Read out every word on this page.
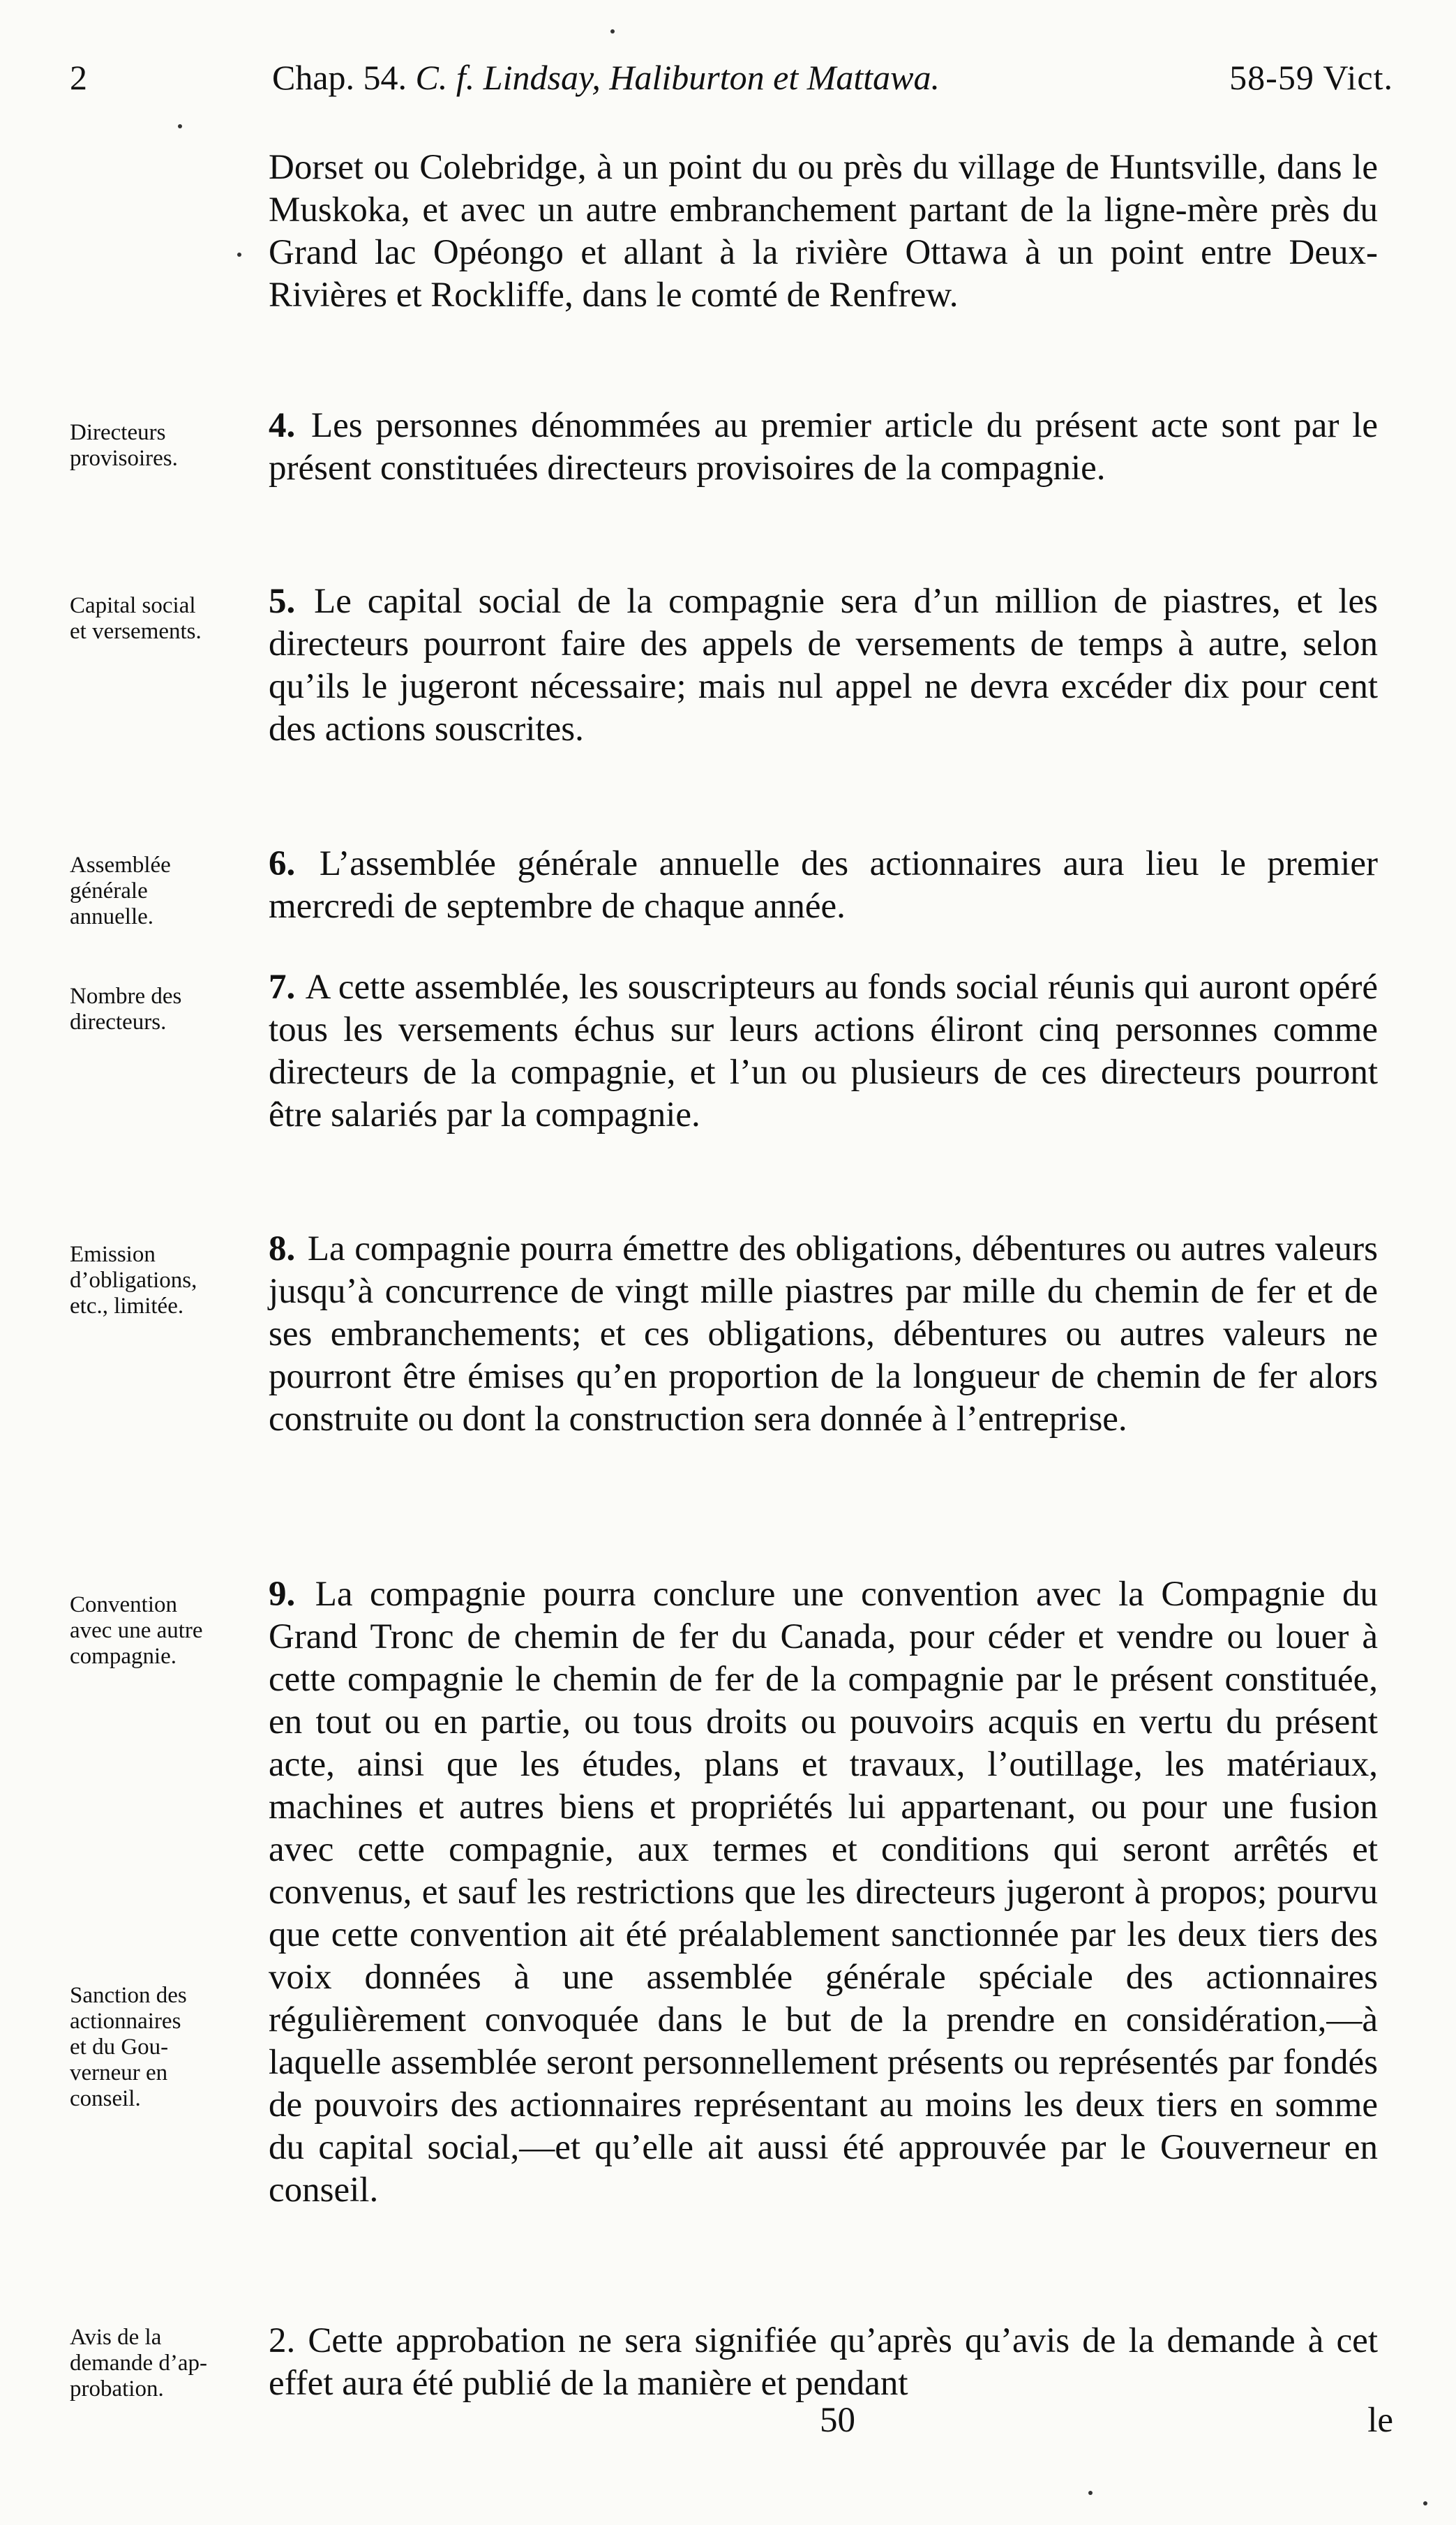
2	Chap. 54. C. f. Lindsay, Haliburton et Mattawa.	58-59 Vict.
Dorset ou Colebridge, à un point du ou près du village de Huntsville, dans le Muskoka, et avec un autre embranchement partant de la ligne-mère près du Grand lac Opéongo et allant à la rivière Ottawa à un point entre Deux-Rivières et Rockliffe, dans le comté de Renfrew.
4. Les personnes dénommées au premier article du présent acte sont par le présent constituées directeurs provisoires de la compagnie.
5. Le capital social de la compagnie sera d’un million de piastres, et les directeurs pourront faire des appels de versements de temps à autre, selon qu’ils le jugeront nécessaire; mais nul appel ne devra excéder dix pour cent des actions souscrites.
6. L’assemblée générale annuelle des actionnaires aura lieu le premier mercredi de septembre de chaque année.
7. A cette assemblée, les souscripteurs au fonds social réunis qui auront opéré tous les versements échus sur leurs actions éliront cinq personnes comme directeurs de la compagnie, et l’un ou plusieurs de ces directeurs pourront être salariés par la compagnie.
8. La compagnie pourra émettre des obligations, débentures ou autres valeurs jusqu’à concurrence de vingt mille piastres par mille du chemin de fer et de ses embranchements; et ces obligations, débentures ou autres valeurs ne pourront être émises qu’en proportion de la longueur de chemin de fer alors construite ou dont la construction sera donnée à l’entreprise.
9. La compagnie pourra conclure une convention avec la Compagnie du Grand Tronc de chemin de fer du Canada, pour céder et vendre ou louer à cette compagnie le chemin de fer de la compagnie par le présent constituée, en tout ou en partie, ou tous droits ou pouvoirs acquis en vertu du présent acte, ainsi que les études, plans et travaux, l’outillage, les matériaux, machines et autres biens et propriétés lui appartenant, ou pour une fusion avec cette compagnie, aux termes et conditions qui seront arrêtés et convenus, et sauf les restrictions que les directeurs jugeront à propos; pourvu que cette convention ait été préalablement sanctionnée par les deux tiers des voix données à une assemblée générale spéciale des actionnaires régulièrement convoquée dans le but de la prendre en considération,—à laquelle assemblée seront personnellement présents ou représentés par fondés de pouvoirs des actionnaires représentant au moins les deux tiers en somme du capital social,—et qu’elle ait aussi été approuvée par le Gouverneur en conseil.
2. Cette approbation ne sera signifiée qu’après qu’avis de la demande à cet effet aura été publié de la manière et pendant
Directeurs
provisoires.
Capital social
et versements.
Assemblée
générale
annuelle.
Nombre des
directeurs.
Emission
d’obligations,
etc., limitée.
Convention
avec une autre
compagnie.
Sanction des
actionnaires
et du Gou-
verneur en
conseil.
Avis de la
demande d’ap-
probation.
50	le
